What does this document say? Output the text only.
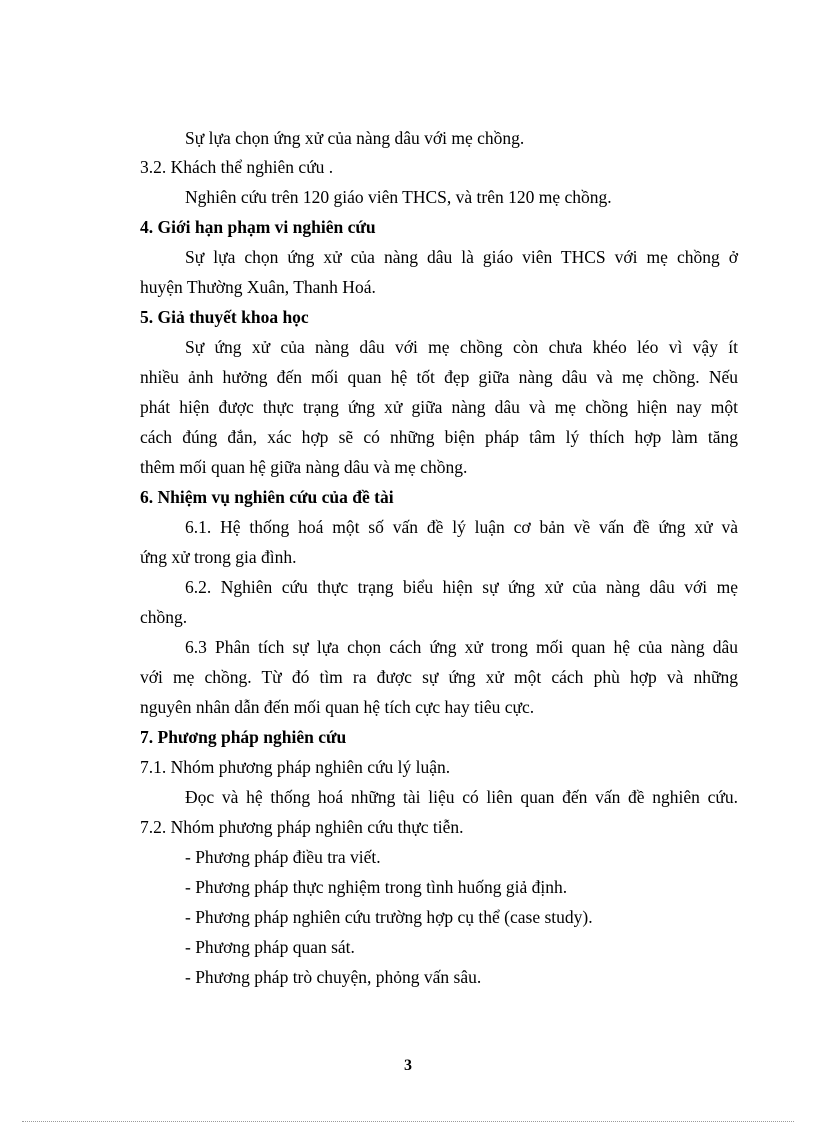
Sự lựa chọn ứng xử của nàng dâu với mẹ chồng.
3.2. Khách thể nghiên cứu .
Nghiên cứu trên 120 giáo viên THCS, và trên 120 mẹ chồng.
4. Giới hạn phạm vi nghiên cứu
Sự lựa chọn ứng xử của nàng dâu là giáo viên THCS với mẹ chồng ở
huyện Thường Xuân, Thanh Hoá.
5. Giả thuyết khoa học
Sự ứng xử của nàng dâu với mẹ chồng còn chưa khéo léo vì vậy ít
nhiều ảnh hưởng đến mối quan hệ tốt đẹp giữa nàng dâu và mẹ chồng. Nếu
phát hiện được thực trạng ứng xử giữa nàng dâu và mẹ chồng hiện nay một
cách đúng đắn, xác hợp sẽ có những biện pháp tâm lý thích hợp làm tăng
thêm mối quan hệ giữa nàng dâu và mẹ chồng.
6. Nhiệm vụ nghiên cứu của đề tài
6.1. Hệ thống hoá một số vấn đề lý luận cơ bản về vấn đề ứng xử và
ứng xử trong gia đình.
6.2. Nghiên cứu thực trạng biểu hiện sự ứng xử của nàng dâu với mẹ
chồng.
6.3 Phân tích sự lựa chọn cách ứng xử trong mối quan hệ của nàng dâu
với mẹ chồng. Từ đó tìm ra được sự ứng xử một cách phù hợp và những
nguyên nhân dẫn đến mối quan hệ tích cực hay tiêu cực.
7. Phương pháp nghiên cứu
7.1. Nhóm phương pháp nghiên cứu lý luận.
Đọc và hệ thống hoá những tài liệu có liên quan đến vấn đề nghiên cứu.
7.2. Nhóm phương pháp nghiên cứu thực tiễn.
- Phương pháp điều tra viết.
- Phương pháp thực nghiệm trong tình huống giả định.
- Phương pháp nghiên cứu trường hợp cụ thể (case study).
- Phương pháp quan sát.
- Phương pháp trò chuyện, phỏng vấn sâu.
3
